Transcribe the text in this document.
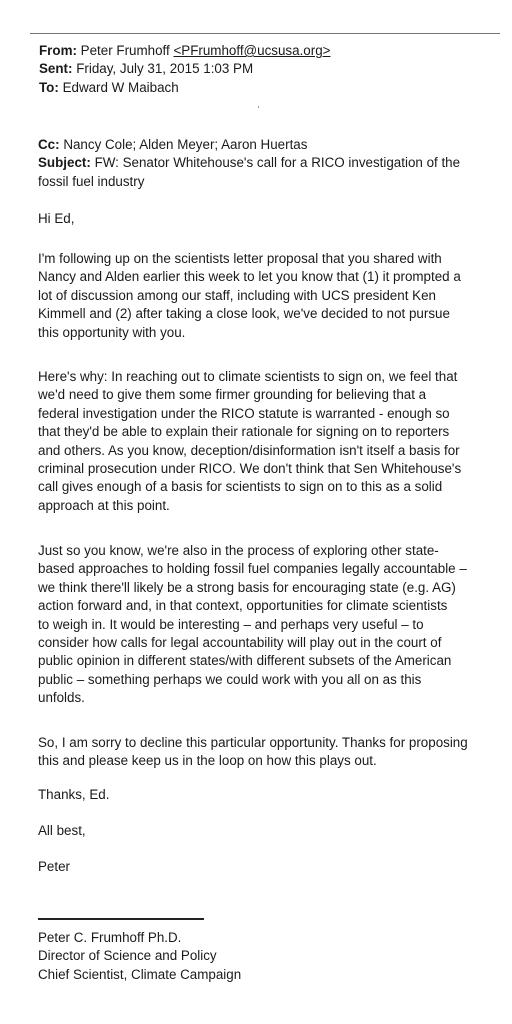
From: Peter Frumhoff <PFrumhoff@ucsusa.org>
Sent: Friday, July 31, 2015 1:03 PM
To: Edward W Maibach
Cc: Nancy Cole; Alden Meyer; Aaron Huertas
Subject: FW: Senator Whitehouse's call for a RICO investigation of the
fossil fuel industry
Hi Ed,
I'm following up on the scientists letter proposal that you shared with
Nancy and Alden earlier this week to let you know that (1) it prompted a
lot of discussion among our staff, including with UCS president Ken
Kimmell and (2) after taking a close look, we've decided to not pursue
this opportunity with you.
Here's why: In reaching out to climate scientists to sign on, we feel that
we'd need to give them some firmer grounding for believing that a
federal investigation under the RICO statute is warranted - enough so
that they'd be able to explain their rationale for signing on to reporters
and others. As you know, deception/disinformation isn't itself a basis for
criminal prosecution under RICO. We don't think that Sen Whitehouse's
call gives enough of a basis for scientists to sign on to this as a solid
approach at this point.
Just so you know, we're also in the process of exploring other state-
based approaches to holding fossil fuel companies legally accountable –
we think there'll likely be a strong basis for encouraging state (e.g. AG)
action forward and, in that context, opportunities for climate scientists
to weigh in. It would be interesting – and perhaps very useful – to
consider how calls for legal accountability will play out in the court of
public opinion in different states/with different subsets of the American
public – something perhaps we could work with you all on as this
unfolds.
So, I am sorry to decline this particular opportunity. Thanks for proposing
this and please keep us in the loop on how this plays out.
Thanks, Ed.
All best,
Peter
Peter C. Frumhoff Ph.D.
Director of Science and Policy
Chief Scientist, Climate Campaign
